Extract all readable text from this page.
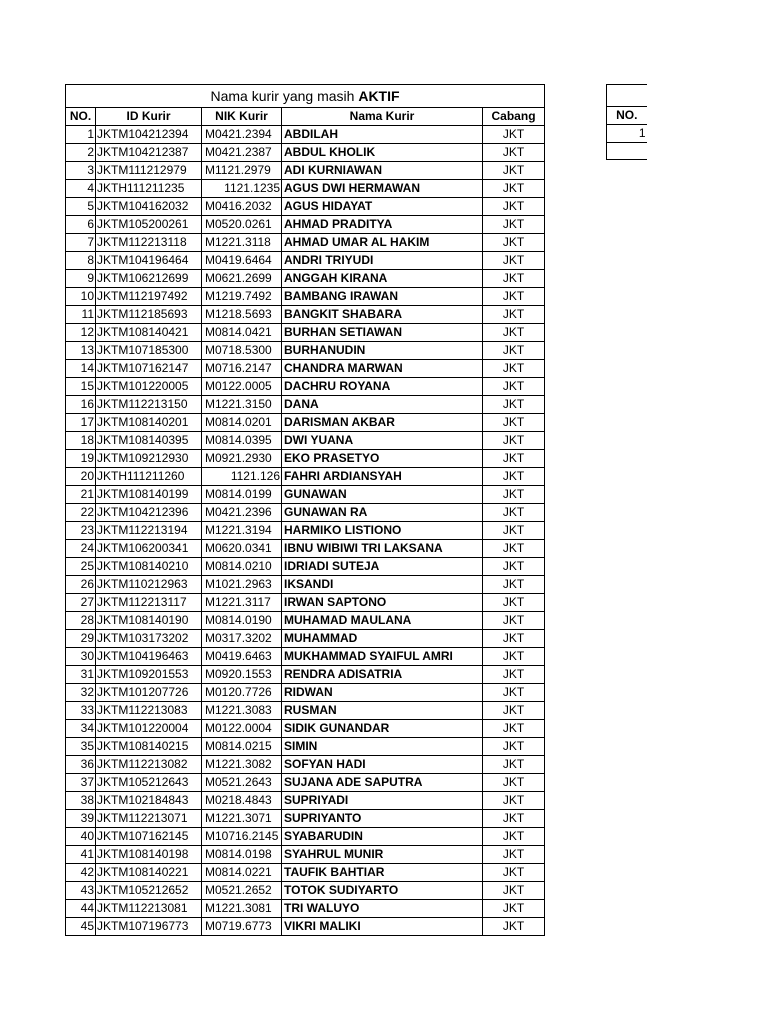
Nama kurir yang masih AKTIF				
NO.	ID Kurir	NIK Kurir	Nama Kurir	Cabang
1	JKTM104212394	M0421.2394	ABDILAH	JKT
2	JKTM104212387	M0421.2387	ABDUL KHOLIK	JKT
3	JKTM111212979	M1121.2979	ADI KURNIAWAN	JKT
4	JKTH111211235	1121.1235	AGUS DWI HERMAWAN	JKT
5	JKTM104162032	M0416.2032	AGUS HIDAYAT	JKT
6	JKTM105200261	M0520.0261	AHMAD PRADITYA	JKT
7	JKTM112213118	M1221.3118	AHMAD UMAR AL HAKIM	JKT
8	JKTM104196464	M0419.6464	ANDRI TRIYUDI	JKT
9	JKTM106212699	M0621.2699	ANGGAH KIRANA	JKT
10	JKTM112197492	M1219.7492	BAMBANG IRAWAN	JKT
11	JKTM112185693	M1218.5693	BANGKIT SHABARA	JKT
12	JKTM108140421	M0814.0421	BURHAN SETIAWAN	JKT
13	JKTM107185300	M0718.5300	BURHANUDIN	JKT
14	JKTM107162147	M0716.2147	CHANDRA MARWAN	JKT
15	JKTM101220005	M0122.0005	DACHRU ROYANA	JKT
16	JKTM112213150	M1221.3150	DANA	JKT
17	JKTM108140201	M0814.0201	DARISMAN AKBAR	JKT
18	JKTM108140395	M0814.0395	DWI YUANA	JKT
19	JKTM109212930	M0921.2930	EKO PRASETYO	JKT
20	JKTH111211260	1121.126	FAHRI ARDIANSYAH	JKT
21	JKTM108140199	M0814.0199	GUNAWAN	JKT
22	JKTM104212396	M0421.2396	GUNAWAN RA	JKT
23	JKTM112213194	M1221.3194	HARMIKO LISTIONO	JKT
24	JKTM106200341	M0620.0341	IBNU WIBIWI TRI LAKSANA	JKT
25	JKTM108140210	M0814.0210	IDRIADI SUTEJA	JKT
26	JKTM110212963	M1021.2963	IKSANDI	JKT
27	JKTM112213117	M1221.3117	IRWAN SAPTONO	JKT
28	JKTM108140190	M0814.0190	MUHAMAD MAULANA	JKT
29	JKTM103173202	M0317.3202	MUHAMMAD	JKT
30	JKTM104196463	M0419.6463	MUKHAMMAD SYAIFUL AMRI	JKT
31	JKTM109201553	M0920.1553	RENDRA ADISATRIA	JKT
32	JKTM101207726	M0120.7726	RIDWAN	JKT
33	JKTM112213083	M1221.3083	RUSMAN	JKT
34	JKTM101220004	M0122.0004	SIDIK GUNANDAR	JKT
35	JKTM108140215	M0814.0215	SIMIN	JKT
36	JKTM112213082	M1221.3082	SOFYAN HADI	JKT
37	JKTM105212643	M0521.2643	SUJANA ADE SAPUTRA	JKT
38	JKTM102184843	M0218.4843	SUPRIYADI	JKT
39	JKTM112213071	M1221.3071	SUPRIYANTO	JKT
40	JKTM107162145	M10716.2145	SYABARUDIN	JKT
41	JKTM108140198	M0814.0198	SYAHRUL MUNIR	JKT
42	JKTM108140221	M0814.0221	TAUFIK BAHTIAR	JKT
43	JKTM105212652	M0521.2652	TOTOK SUDIYARTO	JKT
44	JKTM112213081	M1221.3081	TRI WALUYO	JKT
45	JKTM107196773	M0719.6773	VIKRI MALIKI	JKT

NO.
1
